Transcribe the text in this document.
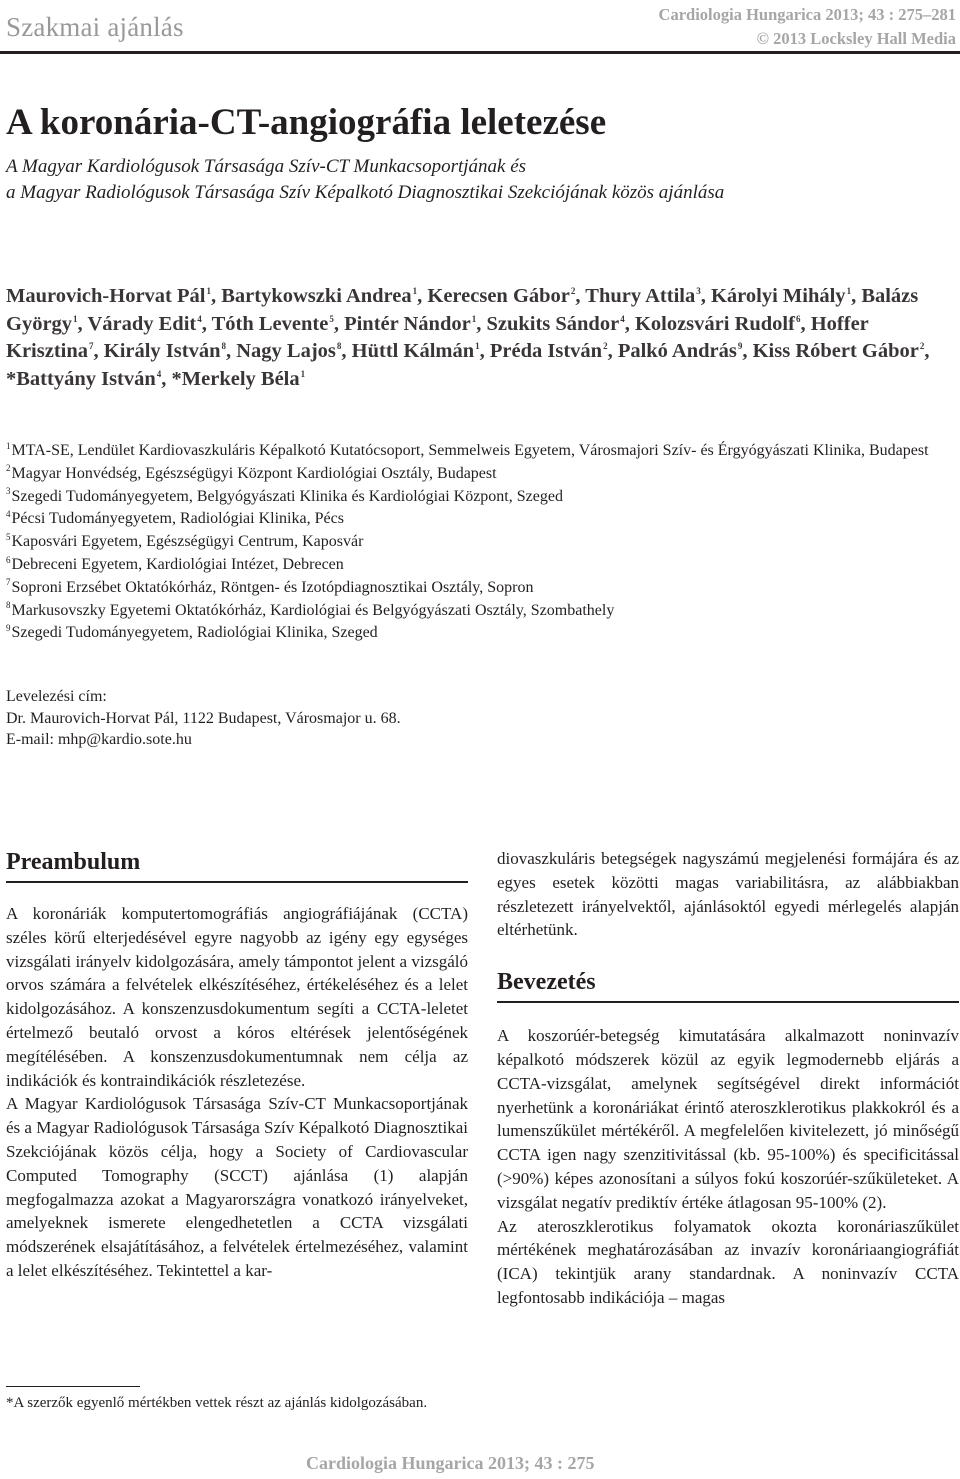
Szakmai ajánlás	Cardiologia Hungarica 2013; 43 : 275–281
© 2013 Locksley Hall Media
A koronária-CT-angiográfia leletezése
A Magyar Kardiológusok Társasága Szív-CT Munkacsoportjának és
a Magyar Radiológusok Társasága Szív Képalkotó Diagnosztikai Szekciójának közös ajánlása

Maurovich-Horvat Pál$^1$, Bartykowszki Andrea$^1$, Kerecsen Gábor$^2$, Thury Attila$^3$, Károlyi Mihály$^1$, Balázs György$^1$, Várady Edit$^4$, Tóth Levente$^5$, Pintér Nándor$^1$, Szukits Sándor$^4$, Kolozsvári Rudolf$^6$, Hoffer Krisztina$^7$, Király István$^8$, Nagy Lajos$^8$, Hüttl Kálmán$^1$, Préda István$^2$, Palkó András$^9$, Kiss Róbert Gábor$^2$, *Battyány István$^4$, *Merkely Béla$^1$

$^1$MTA-SE, Lendület Kardiovaszkuláris Képalkotó Kutatócsoport, Semmelweis Egyetem, Városmajori Szív- és Érgyógyászati Klinika, Budapest
$^2$Magyar Honvédség, Egészségügyi Központ Kardiológiai Osztály, Budapest
$^3$Szegedi Tudományegyetem, Belgyógyászati Klinika és Kardiológiai Központ, Szeged
$^4$Pécsi Tudományegyetem, Radiológiai Klinika, Pécs
$^5$Kaposvári Egyetem, Egészségügyi Centrum, Kaposvár
$^6$Debreceni Egyetem, Kardiológiai Intézet, Debrecen
$^7$Soproni Erzsébet Oktatókórház, Röntgen- és Izotópdiagnosztikai Osztály, Sopron
$^8$Markusovszky Egyetemi Oktatókórház, Kardiológiai és Belgyógyászati Osztály, Szombathely
$^9$Szegedi Tudományegyetem, Radiológiai Klinika, Szeged
Levelezési cím:
Dr. Maurovich-Horvat Pál, 1122 Budapest, Városmajor u. 68.
E-mail: mhp@kardio.sote.hu
Preambulum

A koronáriák komputertomográfiás angiográfiájának (CCTA) széles körű elterjedésével egyre nagyobb az igény egy egységes vizsgálati irányelv kidolgozására, amely támpontot jelent a vizsgáló orvos számára a felvételek elkészítéséhez, értékeléséhez és a lelet kidolgozásához. A konszenzusdokumentum segíti a CCTA-leletet értelmező beutaló orvost a kóros eltérések jelentőségének megítélésében. A konszenzusdokumentumnak nem célja az indikációk és kontraindikációk részletezése.

A Magyar Kardiológusok Társasága Szív-CT Munkacsoportjának és a Magyar Radiológusok Társasága Szív Képalkotó Diagnosztikai Szekciójának közös célja, hogy a Society of Cardiovascular Computed Tomography (SCCT) ajánlása (1) alapján megfogalmazza azokat a Magyarországra vonatkozó irányelveket, amelyeknek ismerete elengedhetetlen a CCTA vizsgálati módszerének elsajátításához, a felvételek értelmezéséhez, valamint a lelet elkészítéséhez. Tekintettel a kar-

diovaszkuláris betegségek nagyszámú megjelenési formájára és az egyes esetek közötti magas variabilitásra, az alábbiakban részletezett irányelvektől, ajánlásoktól egyedi mérlegelés alapján eltérhetünk.

Bevezetés

A koszorúér-betegség kimutatására alkalmazott noninvazív képalkotó módszerek közül az egyik legmodernebb eljárás a CCTA-vizsgálat, amelynek segítségével direkt információt nyerhetünk a koronáriákat érintő ateroszklerotikus plakkokról és a lumenszűkület mértékéről. A megfelelően kivitelezett, jó minőségű CCTA igen nagy szenzitivitással (kb. 95-100%) és specificitással (>90%) képes azonosítani a súlyos fokú koszorúér-szűkületeket. A vizsgálat negatív prediktív értéke átlagosan 95-100% (2).

Az ateroszklerotikus folyamatok okozta koronáriaszűkület mértékének meghatározásában az invazív koronáriaangiográfiát (ICA) tekintjük arany standardnak. A noninvazív CCTA legfontosabb indikációja – magas

*A szerzők egyenlő mértékben vettek részt az ajánlás kidolgozásában.

Cardiologia Hungarica 2013; 43 : 275
